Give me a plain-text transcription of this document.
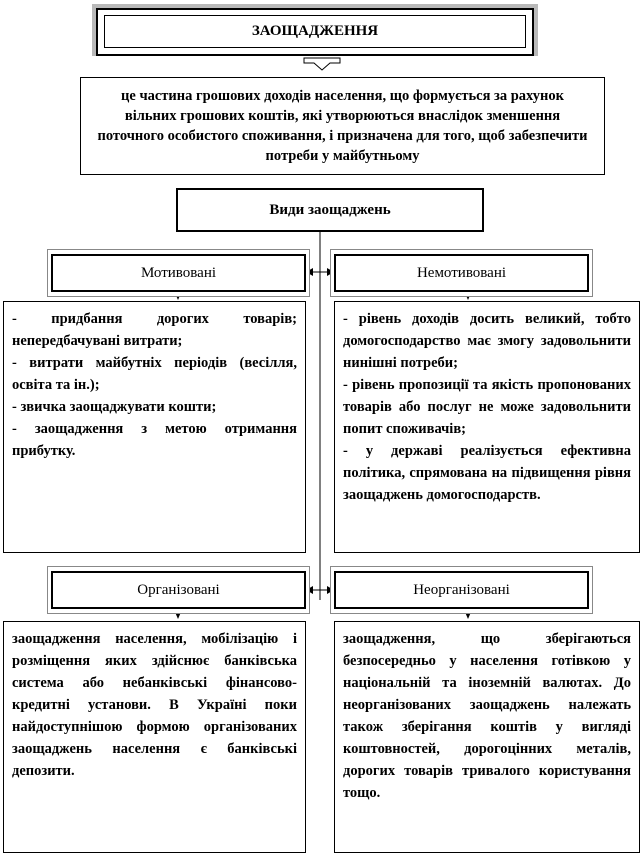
ЗАОЩАДЖЕННЯ
це частина грошових доходів населення, що формується за рахунок вільних грошових коштів, які утворюються внаслідок зменшення поточного особистого споживання, і призначена для того, щоб забезпечити потреби у майбутньому
Види заощаджень
Мотивовані	Немотивовані

- придбання дорогих товарів; непередбачувані витрати;

- витрати майбутніх періодів (весілля, освіта та ін.);

- звичка заощаджувати кошти;

- заощадження з метою отримання прибутку.

- рівень доходів досить великий, тобто домогосподарство має змогу задовольнити нинішні потреби;

- рівень пропозиції та якість пропонованих товарів або послуг не може задовольнити попит споживачів;

- у державі реалізується ефективна політика, спрямована на підвищення рівня заощаджень домогосподарств.

Організовані	Неорганізовані

заощадження населення, мобілізацію і розміщення яких здійснює банківська система або небанківські фінансово-кредитні установи. В Україні поки найдоступнішою формою організованих заощаджень населення є банківські депозити.

заощадження, що зберігаються безпосередньо у населення готівкою у національній та іноземній валютах. До неорганізованих заощаджень належать також зберігання коштів у вигляді коштовностей, дорогоцінних металів, дорогих товарів тривалого користування тощо.
